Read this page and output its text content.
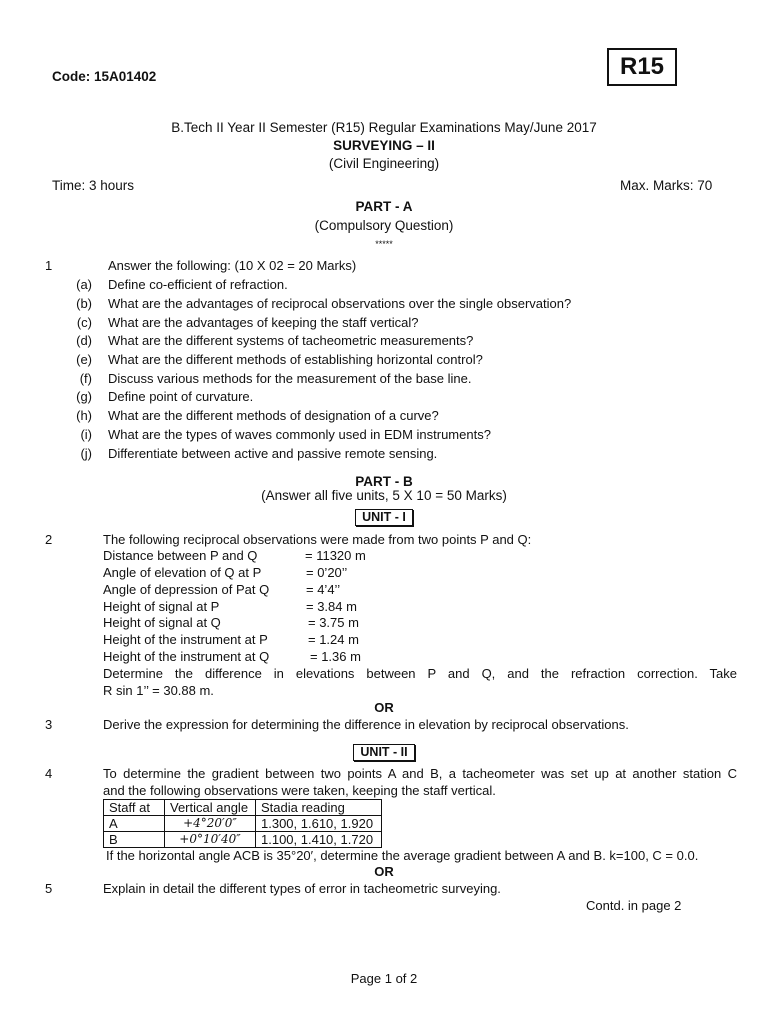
Code: 15A01402	R15
B.Tech II Year II Semester (R15) Regular Examinations May/June 2017
SURVEYING – II
(Civil Engineering)
Time: 3 hours	Max. Marks: 70
PART - A
(Compulsory Question)
*****
1	Answer the following: (10 X 02 = 20 Marks)
(a) Define co-efficient of refraction.
(b) What are the advantages of reciprocal observations over the single observation?
(c) What are the advantages of keeping the staff vertical?
(d) What are the different systems of tacheometric measurements?
(e) What are the different methods of establishing horizontal control?
(f) Discuss various methods for the measurement of the base line.
(g) Define point of curvature.
(h) What are the different methods of designation of a curve?
(i) What are the types of waves commonly used in EDM instruments?
(j) Differentiate between active and passive remote sensing.
PART - B
(Answer all five units, 5 X 10 = 50 Marks)
UNIT - I
2	The following reciprocal observations were made from two points P and Q:
Distance between P and Q	= 11320 m
Angle of elevation of Q at P	= 0’20’’
Angle of depression of Pat Q	= 4’4’’
Height of signal at P	= 3.84 m
Height of signal at Q	= 3.75 m
Height of the instrument at P	= 1.24 m
Height of the instrument at Q	= 1.36 m
Determine the difference in elevations between P and Q, and the refraction correction. Take
R sin 1’’ = 30.88 m.
OR
3	Derive the expression for determining the difference in elevation by reciprocal observations.
UNIT - II
4	To determine the gradient between two points A and B, a tacheometer was set up at another station C
and the following observations were taken, keeping the staff vertical.
Staff at	Vertical angle	Stadia reading
A	+4°20′0″	1.300, 1.610, 1.920
B	+0°10′40″	1.100, 1.410, 1.720
If the horizontal angle ACB is 35°20′, determine the average gradient between A and B. k=100, C = 0.0.
OR
5	Explain in detail the different types of error in tacheometric surveying.
Contd. in page 2
Page 1 of 2
